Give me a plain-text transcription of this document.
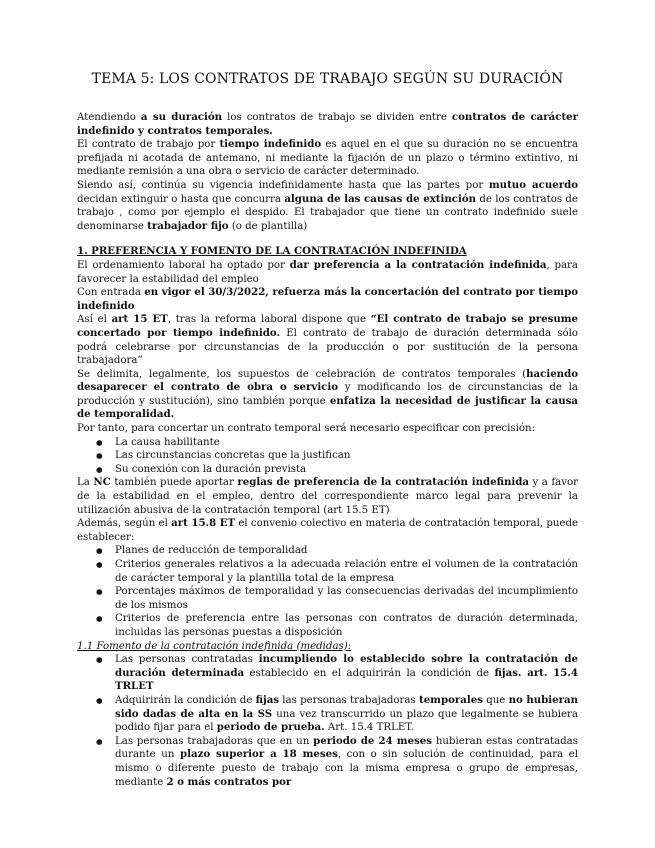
TEMA 5: LOS CONTRATOS DE TRABAJO SEGÚN SU DURACIÓN

Atendiendo a su duración los contratos de trabajo se dividen entre contratos de carácter indefinido y contratos temporales.

El contrato de trabajo por tiempo indefinido es aquel en el que su duración no se encuentra prefijada ni acotada de antemano, ni mediante la fijación de un plazo o término extintivo, ni mediante remisión a una obra o servicio de carácter determinado.

Siendo así, continúa su vigencia indefinidamente hasta que las partes por mutuo acuerdo decidan extinguir o hasta que concurra alguna de las causas de extinción de los contratos de trabajo , como por ejemplo el despido. El trabajador que tiene un contrato indefinido suele denominarse trabajador fijo (o de plantilla)

1. PREFERENCIA Y FOMENTO DE LA CONTRATACIÓN INDEFINIDA

El ordenamiento laboral ha optado por dar preferencia a la contratación indefinida, para favorecer la estabilidad del empleo

Con entrada en vigor el 30/3/2022, refuerza más la concertación del contrato por tiempo indefinido

Así el art 15 ET, tras la reforma laboral dispone que “El contrato de trabajo se presume concertado por tiempo indefinido. El contrato de trabajo de duración determinada sólo podrá celebrarse por circunstancias de la producción o por sustitución de la persona trabajadora”

Se delimita, legalmente, los supuestos de celebración de contratos temporales (haciendo desaparecer el contrato de obra o servicio y modificando los de circunstancias de la producción y sustitución), sino también porque enfatiza la necesidad de justificar la causa de temporalidad.

Por tanto, para concertar un contrato temporal será necesario especificar con precisión:

● La causa habilitante
● Las circunstancias concretas que la justifican
● Su conexión con la duración prevista

La NC también puede aportar reglas de preferencia de la contratación indefinida y a favor de la estabilidad en el empleo, dentro del correspondiente marco legal para prevenir la utilización abusiva de la contratación temporal (art 15.5 ET)

Además, según el art 15.8 ET el convenio colectivo en materia de contratación temporal, puede establecer:

● Planes de reducción de temporalidad
● Criterios generales relativos a la adecuada relación entre el volumen de la contratación de carácter temporal y la plantilla total de la empresa
● Porcentajes máximos de temporalidad y las consecuencias derivadas del incumplimiento de los mismos
● Criterios de preferencia entre las personas con contratos de duración determinada, incluidas las personas puestas a disposición
1.1 Fomento de la contratación indefinida (medidas):
● Las personas contratadas incumpliendo lo establecido sobre la contratación de duración determinada establecido en el adquirirán la condición de fijas. art. 15.4 TRLET
● Adquirirán la condición de fijas las personas trabajadoras temporales que no hubieran sido dadas de alta en la SS una vez transcurrido un plazo que legalmente se hubiera podido fijar para el periodo de prueba. Art. 15.4 TRLET.
● Las personas trabajadoras que en un periodo de 24 meses hubieran estas contratadas durante un plazo superior a 18 meses, con o sin solución de continuidad, para el mismo o diferente puesto de trabajo con la misma empresa o grupo de empresas, mediante 2 o más contratos por
